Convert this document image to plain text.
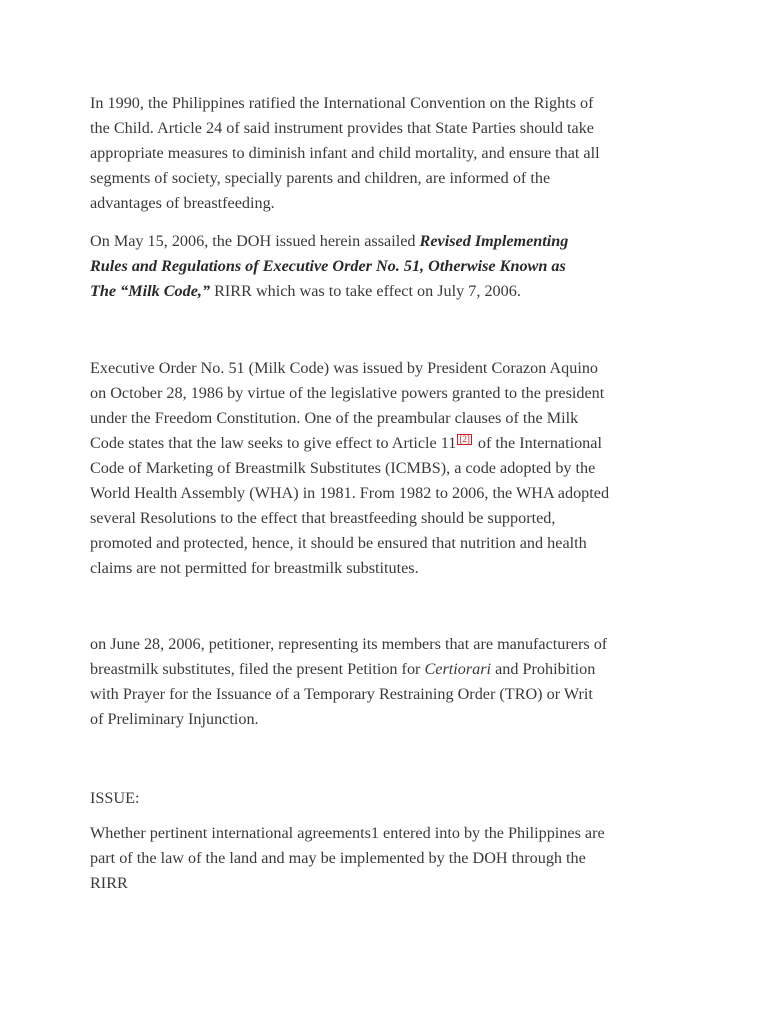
In 1990, the Philippines ratified the International Convention on the Rights of
the Child. Article 24 of said instrument provides that State Parties should take
appropriate measures to diminish infant and child mortality, and ensure that all
segments of society, specially parents and children, are informed of the
advantages of breastfeeding.

On May 15, 2006, the DOH issued herein assailed Revised Implementing
Rules and Regulations of Executive Order No. 51, Otherwise Known as
The “Milk Code,” RIRR which was to take effect on July 7, 2006.

Executive Order No. 51 (Milk Code) was issued by President Corazon Aquino
on October 28, 1986 by virtue of the legislative powers granted to the president
under the Freedom Constitution. One of the preambular clauses of the Milk
Code states that the law seeks to give effect to Article 11 [2] of the International
Code of Marketing of Breastmilk Substitutes (ICMBS), a code adopted by the
World Health Assembly (WHA) in 1981. From 1982 to 2006, the WHA adopted
several Resolutions to the effect that breastfeeding should be supported,
promoted and protected, hence, it should be ensured that nutrition and health
claims are not permitted for breastmilk substitutes.

on June 28, 2006, petitioner, representing its members that are manufacturers of
breastmilk substitutes, filed the present Petition for Certiorari and Prohibition
with Prayer for the Issuance of a Temporary Restraining Order (TRO) or Writ
of Preliminary Injunction.

ISSUE:

Whether pertinent international agreements1 entered into by the Philippines are
part of the law of the land and may be implemented by the DOH through the
RIRR
